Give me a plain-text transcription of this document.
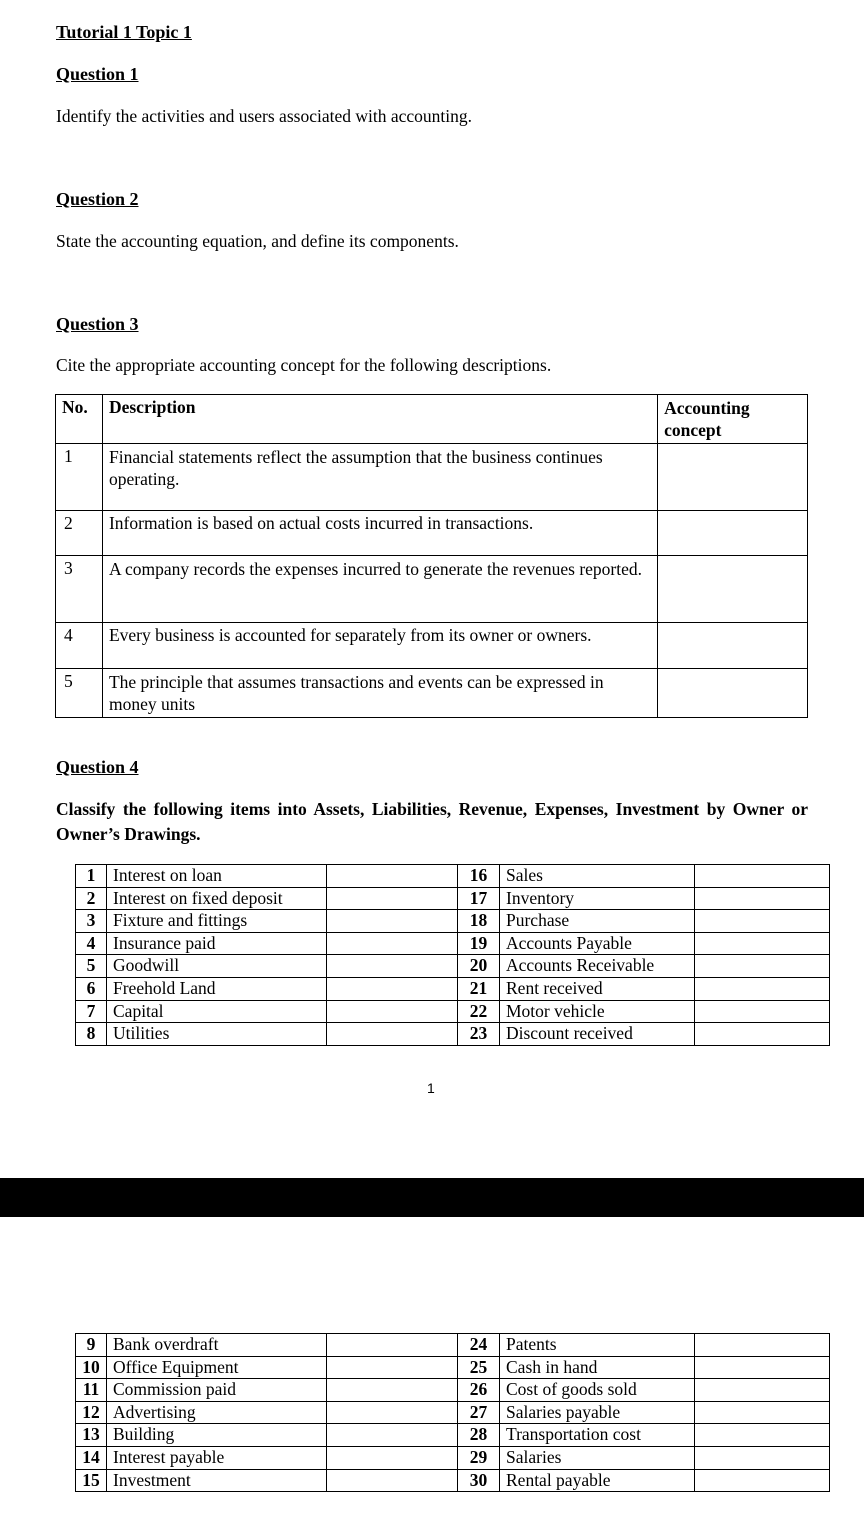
Tutorial 1 Topic 1
Question 1
Identify the activities and users associated with accounting.
Question 2
State the accounting equation, and define its components.
Question 3
Cite the appropriate accounting concept for the following descriptions.
No.	Description	Accounting concept
1	Financial statements reflect the assumption that the business continues operating.	
2	Information is based on actual costs incurred in transactions.	
3	A company records the expenses incurred to generate the revenues reported.	
4	Every business is accounted for separately from its owner or owners.	
5	The principle that assumes transactions and events can be expressed in money units	
Question 4
Classify the following items into Assets, Liabilities, Revenue, Expenses, Investment by Owner or Owner’s Drawings.
1	Interest on loan		16	Sales	
2	Interest on fixed deposit		17	Inventory	
3	Fixture and fittings		18	Purchase	
4	Insurance paid		19	Accounts Payable	
5	Goodwill		20	Accounts Receivable	
6	Freehold Land		21	Rent received	
7	Capital		22	Motor vehicle	
8	Utilities		23	Discount received	
1
9	Bank overdraft		24	Patents	
10	Office Equipment		25	Cash in hand	
11	Commission paid		26	Cost of goods sold	
12	Advertising		27	Salaries payable	
13	Building		28	Transportation cost	
14	Interest payable		29	Salaries	
15	Investment		30	Rental payable	
